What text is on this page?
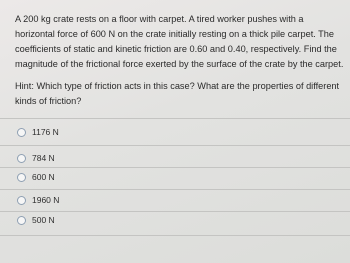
A 200 kg crate rests on a floor with carpet. A tired worker pushes with a horizontal force of 600 N on the crate initially resting on a thick pile carpet. The coefficients of static and kinetic friction are 0.60 and 0.40, respectively. Find the magnitude of the frictional force exerted by the surface of the crate by the carpet.
Hint: Which type of friction acts in this case? What are the properties of different kinds of friction?
1176 N
784 N
600 N
1960 N
500 N
